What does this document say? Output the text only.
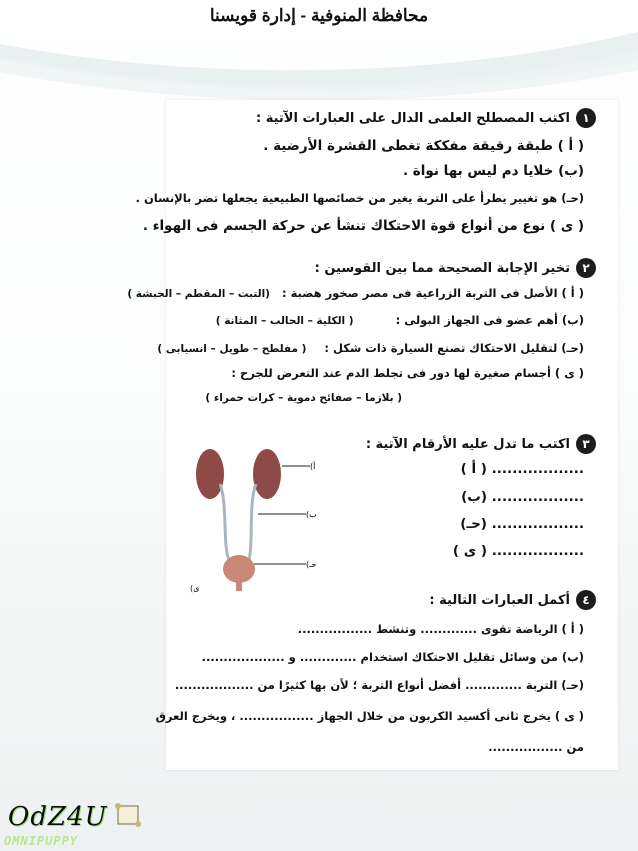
محافظة المنوفية - إدارة قويسنا
١
اكتب المصطلح العلمى الدال على العبارات الآتية :
( أ ) طبقة رقيقة مفككة تغطى القشرة الأرضية .
(ب) خلايا دم ليس بها نواة .
(حـ) هو تغيير يطرأ على التربة يغير من خصائصها الطبيعية يجعلها تضر بالإنسان .
( ى ) نوع من أنواع قوة الاحتكاك تنشأ عن حركة الجسم فى الهواء .
٢
تخير الإجابة الصحيحة مما بين القوسين :
( أ ) الأصل فى التربة الزراعية فى مصر صخور هضبة : (التبت – المقطم – الحبشة )
(ب) أهم عضو فى الجهاز البولى : ( الكلية – الحالب – المثانة )
(حـ) لتقليل الاحتكاك تصنع السيارة ذات شكل : ( مفلطح – طويل – انسيابى )
( ى ) أجسام صغيرة لها دور فى تجلط الدم عند التعرض للجرح :
( بلازما – صفائح دموية – كرات حمراء )
٣
اكتب ما تدل عليه الأرقام الآتية :
.................. ( أ )
.................. (ب)
.................. (حـ)
.................. ( ى )
(أ
(ب
(حـ
(ى
٤
أكمل العبارات التالية :
( أ ) الرياضة تقوى ............. وتنشط .................
(ب) من وسائل تقليل الاحتكاك استخدام ............. و ...................
(حـ) التربة ............. أفضل أنواع التربة ؛ لأن بها كثيرًا من ..................
( ى ) يخرج ثانى أكسيد الكربون من خلال الجهاز ................. ، ويخرج العرق
من .................
OdZ4U
OMNIPUPPY
